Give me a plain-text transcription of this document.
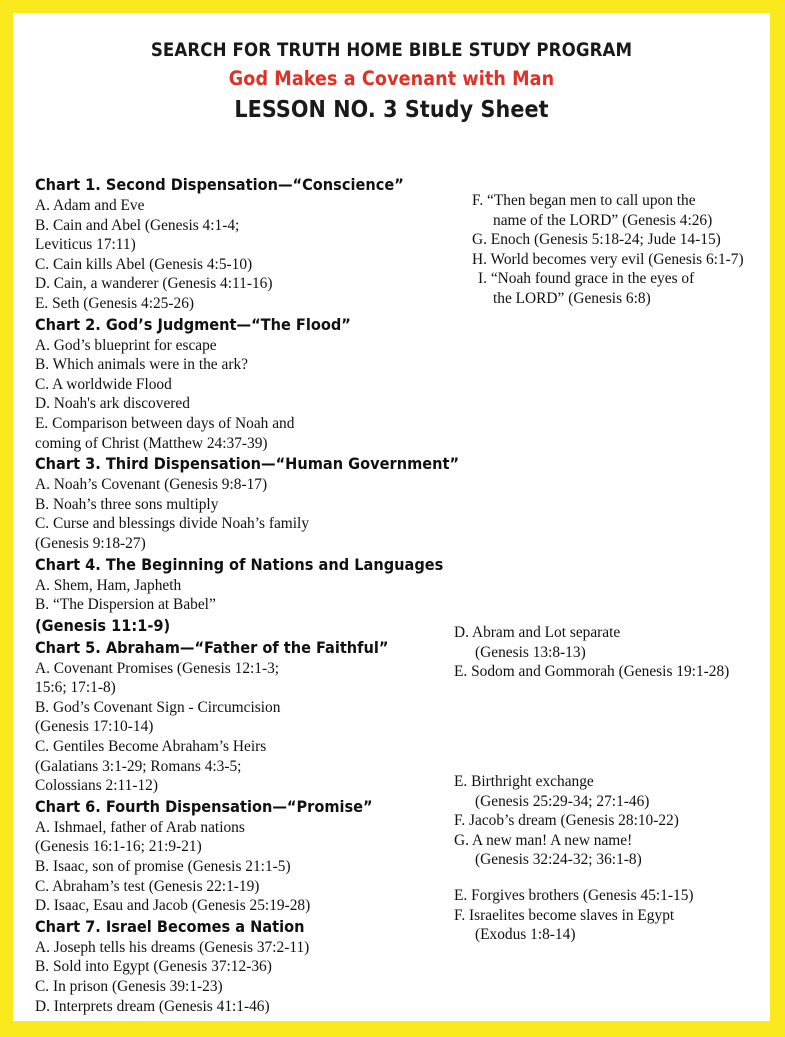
SEARCH FOR TRUTH HOME BIBLE STUDY PROGRAM
God Makes a Covenant with Man
LESSON NO. 3 Study Sheet
Chart 1. Second Dispensation—“Conscience”
A. Adam and Eve
B. Cain and Abel (Genesis 4:1-4;
Leviticus 17:11)
C. Cain kills Abel (Genesis 4:5-10)
D. Cain, a wanderer (Genesis 4:11-16)
E. Seth (Genesis 4:25-26)
Chart 2. God’s Judgment—“The Flood”
A. God’s blueprint for escape
B. Which animals were in the ark?
C. A worldwide Flood
D. Noah's ark discovered
E. Comparison between days of Noah and
coming of Christ (Matthew 24:37-39)
Chart 3. Third Dispensation—“Human Government”
A. Noah’s Covenant (Genesis 9:8-17)
B. Noah’s three sons multiply
C. Curse and blessings divide Noah’s family
(Genesis 9:18-27)
Chart 4. The Beginning of Nations and Languages
A. Shem, Ham, Japheth
B. “The Dispersion at Babel”
(Genesis 11:1-9)
Chart 5. Abraham—“Father of the Faithful”
A. Covenant Promises (Genesis 12:1-3;
15:6; 17:1-8)
B. God’s Covenant Sign - Circumcision
(Genesis 17:10-14)
C. Gentiles Become Abraham’s Heirs
(Galatians 3:1-29; Romans 4:3-5;
Colossians 2:11-12)
Chart 6. Fourth Dispensation—“Promise”
A. Ishmael, father of Arab nations
(Genesis 16:1-16; 21:9-21)
B. Isaac, son of promise (Genesis 21:1-5)
C. Abraham’s test (Genesis 22:1-19)
D. Isaac, Esau and Jacob (Genesis 25:19-28)
Chart 7. Israel Becomes a Nation
A. Joseph tells his dreams (Genesis 37:2-11)
B. Sold into Egypt (Genesis 37:12-36)
C. In prison (Genesis 39:1-23)
D. Interprets dream (Genesis 41:1-46)
F. “Then began men to call upon the
name of the LORD” (Genesis 4:26)
G. Enoch (Genesis 5:18-24; Jude 14-15)
H. World becomes very evil (Genesis 6:1-7)
I. “Noah found grace in the eyes of
the LORD” (Genesis 6:8)
D. Abram and Lot separate
(Genesis 13:8-13)
E. Sodom and Gommorah (Genesis 19:1-28)
E. Birthright exchange
(Genesis 25:29-34; 27:1-46)
F. Jacob’s dream (Genesis 28:10-22)
G. A new man! A new name!
(Genesis 32:24-32; 36:1-8)
E. Forgives brothers (Genesis 45:1-15)
F. Israelites become slaves in Egypt
(Exodus 1:8-14)
